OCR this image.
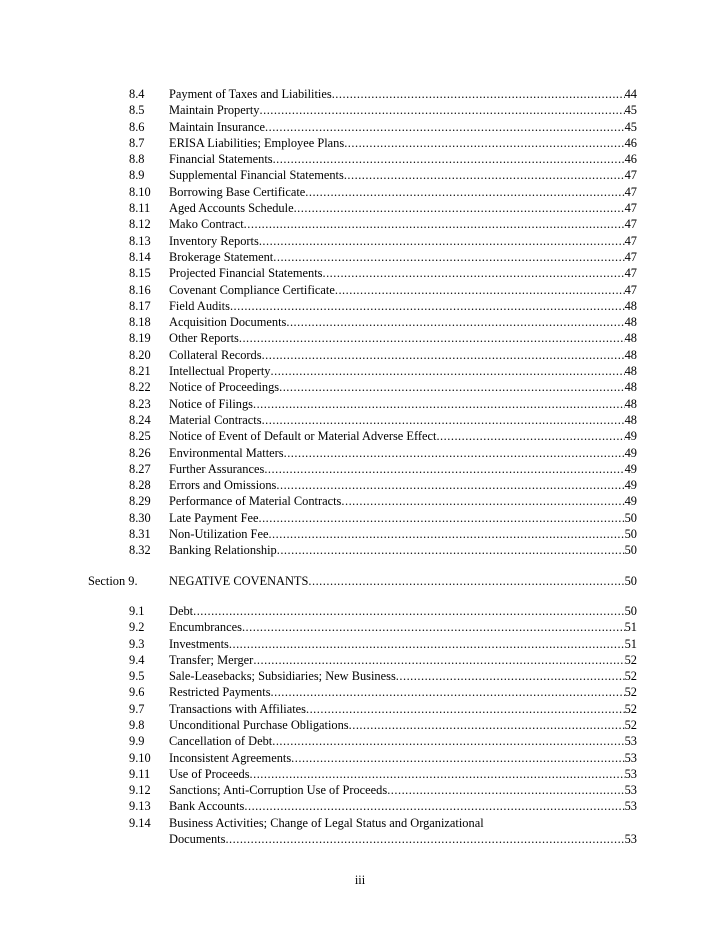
8.4 Payment of Taxes and Liabilities .....	44
8.5 Maintain Property .....	45
8.6 Maintain Insurance .....	45
8.7 ERISA Liabilities; Employee Plans .....	46
8.8 Financial Statements .....	46
8.9 Supplemental Financial Statements .....	47
8.10 Borrowing Base Certificate .....	47
8.11 Aged Accounts Schedule .....	47
8.12 Mako Contract .....	47
8.13 Inventory Reports .....	47
8.14 Brokerage Statement .....	47
8.15 Projected Financial Statements .....	47
8.16 Covenant Compliance Certificate .....	47
8.17 Field Audits .....	48
8.18 Acquisition Documents .....	48
8.19 Other Reports .....	48
8.20 Collateral Records .....	48
8.21 Intellectual Property .....	48
8.22 Notice of Proceedings .....	48
8.23 Notice of Filings .....	48
8.24 Material Contracts .....	48
8.25 Notice of Event of Default or Material Adverse Effect .....	49
8.26 Environmental Matters .....	49
8.27 Further Assurances .....	49
8.28 Errors and Omissions .....	49
8.29 Performance of Material Contracts .....	49
8.30 Late Payment Fee .....	50
8.31 Non-Utilization Fee .....	50
8.32 Banking Relationship .....	50
Section 9.	NEGATIVE COVENANTS .....	50
9.1 Debt .....	50
9.2 Encumbrances .....	51
9.3 Investments .....	51
9.4 Transfer; Merger .....	52
9.5 Sale-Leasebacks; Subsidiaries; New Business .....	52
9.6 Restricted Payments .....	52
9.7 Transactions with Affiliates .....	52
9.8 Unconditional Purchase Obligations .....	52
9.9 Cancellation of Debt .....	53
9.10 Inconsistent Agreements .....	53
9.11 Use of Proceeds .....	53
9.12 Sanctions; Anti-Corruption Use of Proceeds .....	53
9.13 Bank Accounts .....	53
9.14 Business Activities; Change of Legal Status and Organizational
Documents .....	53
iii
